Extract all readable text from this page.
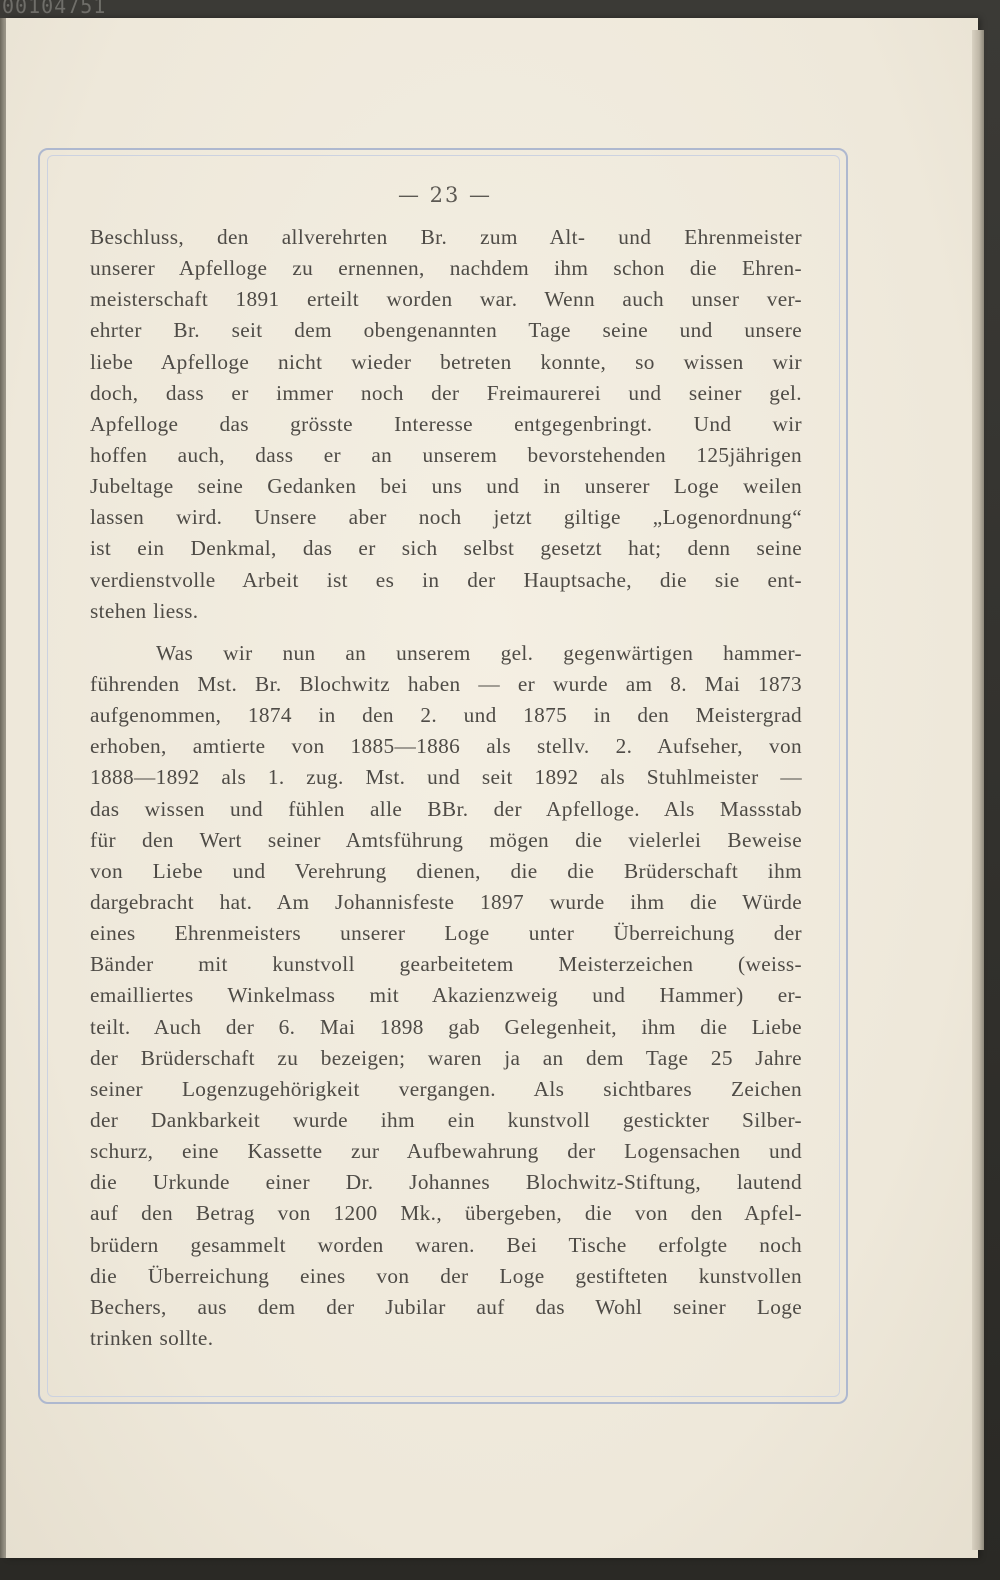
00104751
— 23 —
Beschluss, den allverehrten Br. zum Alt- und Ehrenmeister
unserer Apfelloge zu ernennen, nachdem ihm schon die Ehren-
meisterschaft 1891 erteilt worden war. Wenn auch unser ver-
ehrter Br. seit dem obengenannten Tage seine und unsere
liebe Apfelloge nicht wieder betreten konnte, so wissen wir
doch, dass er immer noch der Freimaurerei und seiner gel.
Apfelloge das grösste Interesse entgegenbringt. Und wir
hoffen auch, dass er an unserem bevorstehenden 125jährigen
Jubeltage seine Gedanken bei uns und in unserer Loge weilen
lassen wird. Unsere aber noch jetzt giltige „Logenordnung“
ist ein Denkmal, das er sich selbst gesetzt hat; denn seine
verdienstvolle Arbeit ist es in der Hauptsache, die sie ent-
stehen liess.
Was wir nun an unserem gel. gegenwärtigen hammer-
führenden Mst. Br. Blochwitz haben — er wurde am 8. Mai 1873
aufgenommen, 1874 in den 2. und 1875 in den Meistergrad
erhoben, amtierte von 1885—1886 als stellv. 2. Aufseher, von
1888—1892 als 1. zug. Mst. und seit 1892 als Stuhlmeister —
das wissen und fühlen alle BBr. der Apfelloge. Als Massstab
für den Wert seiner Amtsführung mögen die vielerlei Beweise
von Liebe und Verehrung dienen, die die Brüderschaft ihm
dargebracht hat. Am Johannisfeste 1897 wurde ihm die Würde
eines Ehrenmeisters unserer Loge unter Überreichung der
Bänder mit kunstvoll gearbeitetem Meisterzeichen (weiss-
emailliertes Winkelmass mit Akazienzweig und Hammer) er-
teilt. Auch der 6. Mai 1898 gab Gelegenheit, ihm die Liebe
der Brüderschaft zu bezeigen; waren ja an dem Tage 25 Jahre
seiner Logenzugehörigkeit vergangen. Als sichtbares Zeichen
der Dankbarkeit wurde ihm ein kunstvoll gestickter Silber-
schurz, eine Kassette zur Aufbewahrung der Logensachen und
die Urkunde einer Dr. Johannes Blochwitz-Stiftung, lautend
auf den Betrag von 1200 Mk., übergeben, die von den Apfel-
brüdern gesammelt worden waren. Bei Tische erfolgte noch
die Überreichung eines von der Loge gestifteten kunstvollen
Bechers, aus dem der Jubilar auf das Wohl seiner Loge
trinken sollte.
